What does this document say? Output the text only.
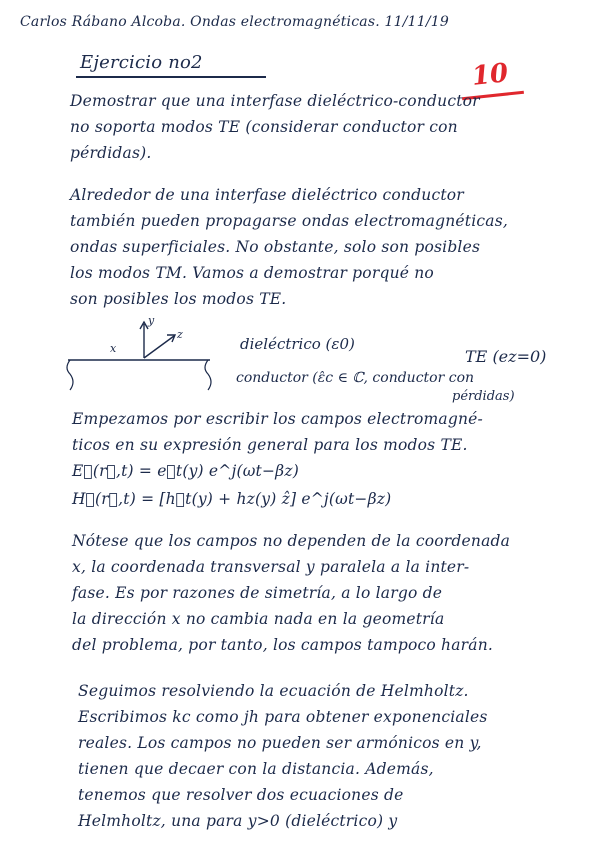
Carlos Rábano Alcoba. Ondas electromagnéticas. 11/11/19
Ejercicio no2	10
Demostrar que una interfase dieléctrico-conductor
no soporta modos TE (considerar conductor con
pérdidas).
Alrededor de una interfase dieléctrico conductor
también pueden propagarse ondas electromagnéticas,
ondas superficiales. No obstante, solo son posibles
los modos TM. Vamos a demostrar porqué no
son posibles los modos TE.
y
z
x	dieléctrico (ε0)
TE (ez=0)
conductor (ε̂c ∈ ℂ, conductor con
pérdidas)
Empezamos por escribir los campos electromagné-
ticos en su expresión general para los modos TE.
E⃗(r⃗,t) = e⃗t(y) e^j(ωt−βz)
H⃗(r⃗,t) = [h⃗t(y) + hz(y) ẑ] e^j(ωt−βz)
Nótese que los campos no dependen de la coordenada
x, la coordenada transversal y paralela a la inter-
fase. Es por razones de simetría, a lo largo de
la dirección x no cambia nada en la geometría
del problema, por tanto, los campos tampoco harán.
Seguimos resolviendo la ecuación de Helmholtz.
Escribimos kc como jh para obtener exponenciales
reales. Los campos no pueden ser armónicos en y,
tienen que decaer con la distancia. Además,
tenemos que resolver dos ecuaciones de
Helmholtz, una para y>0 (dieléctrico) y
